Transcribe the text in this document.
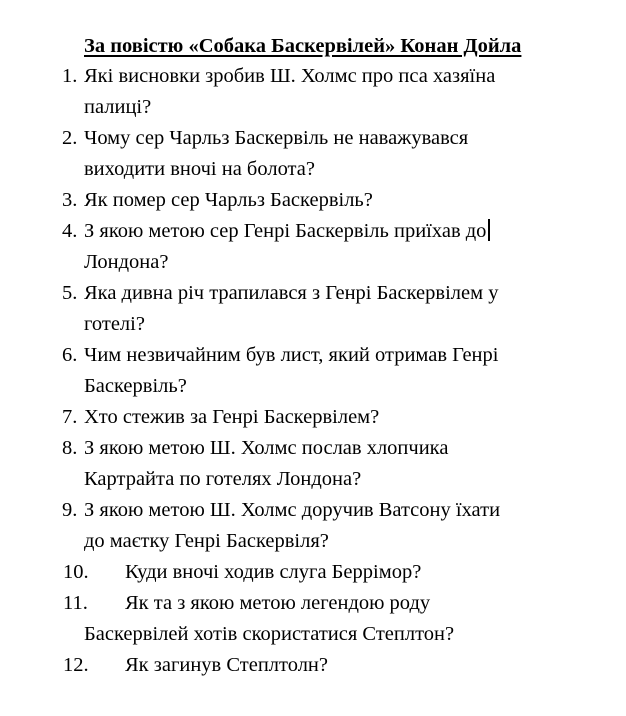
За повістю «Собака Баскервілей» Конан Дойла
1. Які висновки зробив Ш. Холмс про пса хазяїна
палиці?
2. Чому сер Чарльз Баскервіль не наважувався
виходити вночі на болота?
3. Як помер сер Чарльз Баскервіль?
4. З якою метою сер Генрі Баскервіль приїхав до
Лондона?
5. Яка дивна річ трапилався з Генрі Баскервілем у
готелі?
6. Чим незвичайним був лист, який отримав Генрі
Баскервіль?
7. Хто стежив за Генрі Баскервілем?
8. З якою метою Ш. Холмс послав хлопчика
Картрайта по готелях Лондона?
9. З якою метою Ш. Холмс доручив Ватсону їхати
до маєтку Генрі Баскервіля?
10.	Куди вночі ходив слуга Беррімор?
11.	Як та з якою метою легендою роду
Баскервілей хотів скористатися Степлтон?
12.	Як загинув Степлтолн?
